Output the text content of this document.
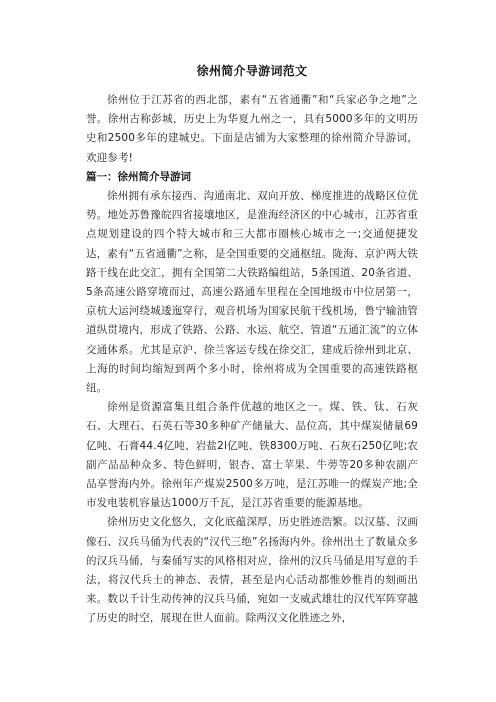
徐州简介导游词范文

徐州位于江苏省的西北部，素有“五省通衢”和“兵家必争之地”之誉。徐州古称彭城，历史上为华夏九州之一，具有5000多年的文明历史和2500多年的建城史。下面是店铺为大家整理的徐州简介导游词，欢迎参考!

篇一：徐州简介导游词

徐州拥有承东接西、沟通南北、双向开放、梯度推进的战略区位优势。地处苏鲁豫皖四省接壤地区，是淮海经济区的中心城市，江苏省重点规划建设的四个特大城市和三大都市圈核心城市之一;交通便捷发达，素有“五省通衢”之称，是全国重要的交通枢纽。陇海、京沪两大铁路干线在此交汇，拥有全国第二大铁路编组站，5条国道、20条省道、5条高速公路穿境而过，高速公路通车里程在全国地级市中位居第一，京杭大运河绕城逶迤穿行，观音机场为国家民航干线机场，鲁宁输油管道纵贯境内，形成了铁路、公路、水运、航空、管道“五通汇流”的立体交通体系。尤其是京沪、徐兰客运专线在徐交汇，建成后徐州到北京、上海的时间均缩短到两个多小时，徐州将成为全国重要的高速铁路枢纽。

徐州是资源富集且组合条件优越的地区之一。煤、铁、钛、石灰石、大理石、石英石等30多种矿产储量大、品位高，其中煤炭储量69亿吨、石膏44.4亿吨、岩盐2l亿吨、铁8300万吨、石灰石250亿吨;农副产品品种众多、特色鲜明，银杏、富士苹果、牛蒡等20多种农副产品享誉海内外。徐州年产煤炭2500多万吨，是江苏唯一的煤炭产地;全市发电装机容量达1000万千瓦，是江苏省重要的能源基地。

徐州历史文化悠久，文化底蕴深厚，历史胜迹浩繁。以汉墓、汉画像石、汉兵马俑为代表的“汉代三绝”名扬海内外。徐州出土了数量众多的汉兵马俑，与秦俑写实的风格相对应，徐州的汉兵马俑是用写意的手法，将汉代兵士的神态、表情，甚至是内心活动都惟妙惟肖的刻画出来。数以千计生动传神的汉兵马俑，宛如一支威武雄壮的汉代军阵穿越了历史的时空，展现在世人面前。除两汉文化胜迹之外，
